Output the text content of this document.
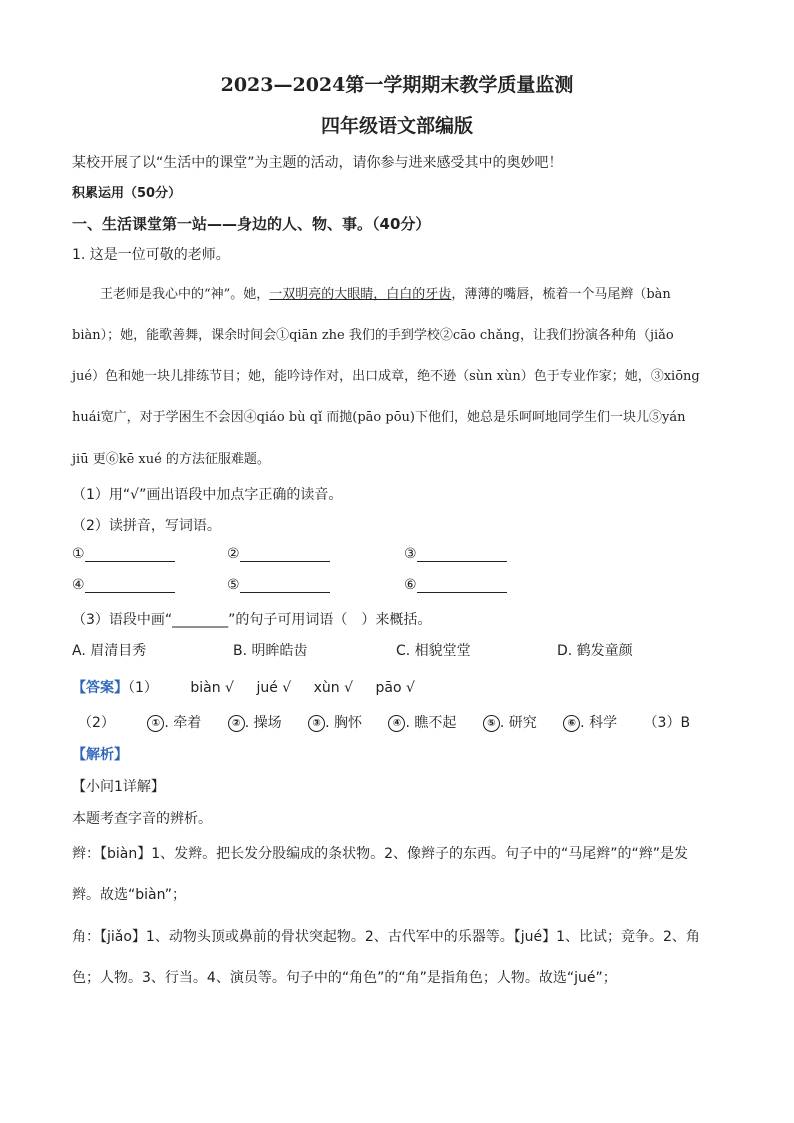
2023—2024第一学期期末教学质量监测
四年级语文部编版
某校开展了以“生活中的课堂”为主题的活动，请你参与进来感受其中的奥妙吧！
积累运用（50分）
一、生活课堂第一站——身边的人、物、事。（40分）
1. 这是一位可敬的老师。
王老师是我心中的“神”。她，一双明亮的大眼睛，白白的牙齿，薄薄的嘴唇，梳着一个马尾辫（bàn
biàn）；她，能歌善舞，课余时间会①qiān zhe 我们的手到学校②cāo chǎng，让我们扮演各种角（jiǎo
jué）色和她一块儿排练节目；她，能吟诗作对，出口成章，绝不逊（sùn xùn）色于专业作家；她，③xiōng
huái宽广，对于学困生不会因④qiáo bù qǐ 而抛(pāo pōu)下他们，她总是乐呵呵地同学生们一块儿⑤yán
jiū 更⑥kē xué 的方法征服难题。
（1）用“√”画出语段中加点字正确的读音。
（2）读拼音，写词语。
①	②	③
④	⑤	⑥
（3）语段中画“________”的句子可用词语（　）来概括。
A. 眉清目秀	B. 明眸皓齿	C. 相貌堂堂	D. 鹤发童颜
【答案】（1） biàn √ jué √ xùn √ pāo √
（2）	① . 牵着	② . 操场	③ . 胸怀	④ . 瞧不起	⑤ . 研究	⑥ . 科学 （3）B
【解析】
【小问1详解】
本题考查字音的辨析。
辫：【biàn】1、发辫。把长发分股编成的条状物。2、像辫子的东西。句子中的“马尾辫”的“辫”是发
辫。故选“biàn”；
角：【jiǎo】1、动物头顶或鼻前的骨状突起物。2、古代军中的乐器等。【jué】1、比试；竞争。2、角
色；人物。3、行当。4、演员等。句子中的“角色”的“角”是指角色；人物。故选“jué”；
